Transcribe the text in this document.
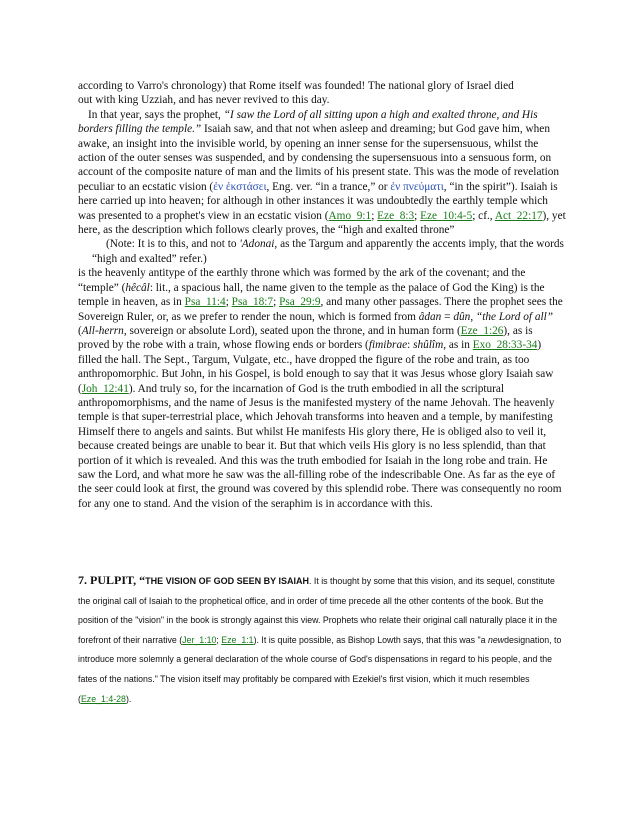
according to Varro's chronology) that Rome itself was founded! The national glory of Israel died
out with king Uzziah, and has never revived to this day.

In that year, says the prophet, “I saw the Lord of all sitting upon a high and exalted throne, and His borders filling the temple.” Isaiah saw, and that not when asleep and dreaming; but God gave him, when awake, an insight into the invisible world, by opening an inner sense for the supersensuous, whilst the action of the outer senses was suspended, and by condensing the supersensuous into a sensuous form, on account of the composite nature of man and the limits of his present state. This was the mode of revelation peculiar to an ecstatic vision (ἐν ἐκστάσει, Eng. ver. “in a trance,” or ἐν πνεύματι, “in the spirit”). Isaiah is here carried up into heaven; for although in other instances it was undoubtedly the earthly temple which was presented to a prophet's view in an ecstatic vision (Amo_9:1; Eze_8:3; Eze_10:4-5; cf., Act_22:17), yet here, as the description which follows clearly proves, the “high and exalted throne”

(Note: It is to this, and not to 'Adonai, as the Targum and apparently the accents imply, that the words “high and exalted” refer.)

is the heavenly antitype of the earthly throne which was formed by the ark of the covenant; and the “temple” (hêcâl: lit., a spacious hall, the name given to the temple as the palace of God the King) is the temple in heaven, as in Psa_11:4; Psa_18:7; Psa_29:9, and many other passages. There the prophet sees the Sovereign Ruler, or, as we prefer to render the noun, which is formed from âdan = dûn, “the Lord of all” (All-herrn, sovereign or absolute Lord), seated upon the throne, and in human form (Eze_1:26), as is proved by the robe with a train, whose flowing ends or borders (fimibrae: shûlîm, as in Exo_28:33-34) filled the hall. The Sept., Targum, Vulgate, etc., have dropped the figure of the robe and train, as too anthropomorphic. But John, in his Gospel, is bold enough to say that it was Jesus whose glory Isaiah saw (Joh_12:41). And truly so, for the incarnation of God is the truth embodied in all the scriptural anthropomorphisms, and the name of Jesus is the manifested mystery of the name Jehovah. The heavenly temple is that super-terrestrial place, which Jehovah transforms into heaven and a temple, by manifesting Himself there to angels and saints. But whilst He manifests His glory there, He is obliged also to veil it, because created beings are unable to bear it. But that which veils His glory is no less splendid, than that portion of it which is revealed. And this was the truth embodied for Isaiah in the long robe and train. He saw the Lord, and what more he saw was the all-filling robe of the indescribable One. As far as the eye of the seer could look at first, the ground was covered by this splendid robe. There was consequently no room for any one to stand. And the vision of the seraphim is in accordance with this.

7. PULPIT, “THE VISION OF GOD SEEN BY ISAIAH. It is thought by some that this vision, and its sequel, constitute the original call of Isaiah to the prophetical office, and in order of time precede all the other contents of the book. But the position of the "vision" in the book is strongly against this view. Prophets who relate their original call naturally place it in the forefront of their narrative (Jer_1:10; Eze_1:1). It is quite possible, as Bishop Lowth says, that this was "a newdesignation, to introduce more solemnly a general declaration of the whole course of God's dispensations in regard to his people, and the fates of the nations." The vision itself may profitably be compared with Ezekiel's first vision, which it much resembles (Eze_1:4-28).
